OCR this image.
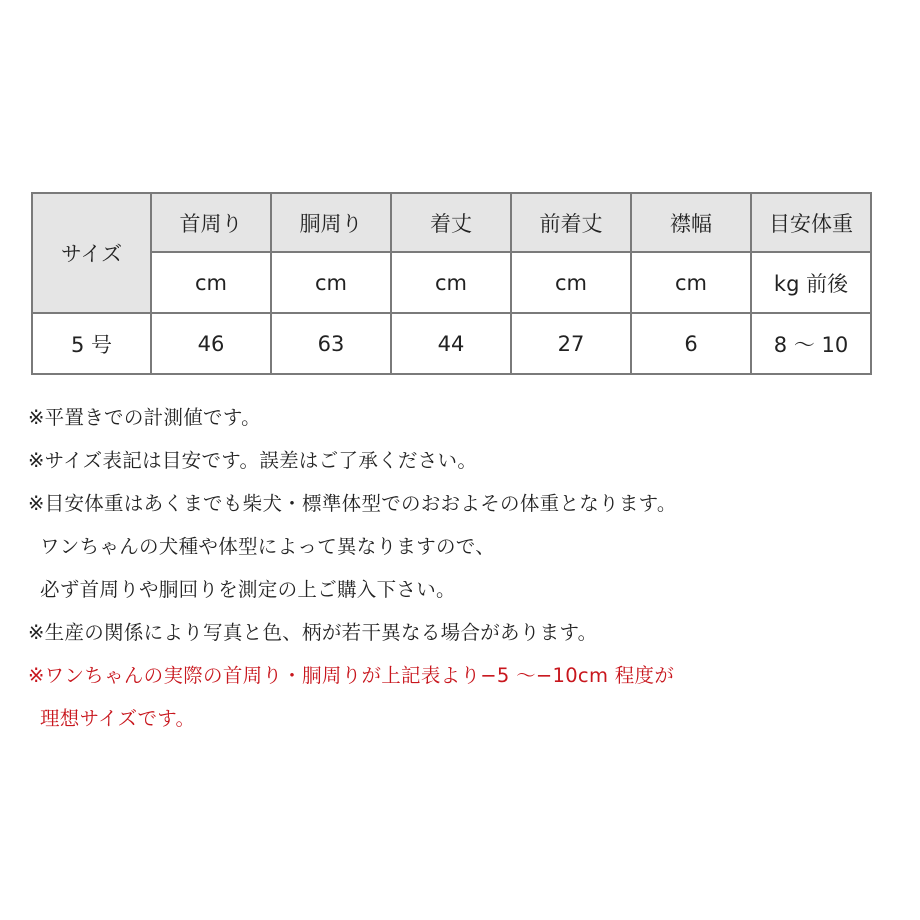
サイズ	首周り	胴周り	着丈	前着丈	襟幅	目安体重
	cm	cm	cm	cm	cm	kg 前後
5 号	46	63	44	27	6	8 〜 10
※平置きでの計測値です。
※サイズ表記は目安です。誤差はご了承ください。
※目安体重はあくまでも柴犬・標準体型でのおおよその体重となります。
ワンちゃんの犬種や体型によって異なりますので、
必ず首周りや胴回りを測定の上ご購入下さい。
※生産の関係により写真と色、柄が若干異なる場合があります。
※ワンちゃんの実際の首周り・胴周りが上記表より−5 〜−10cm 程度が
理想サイズです。
